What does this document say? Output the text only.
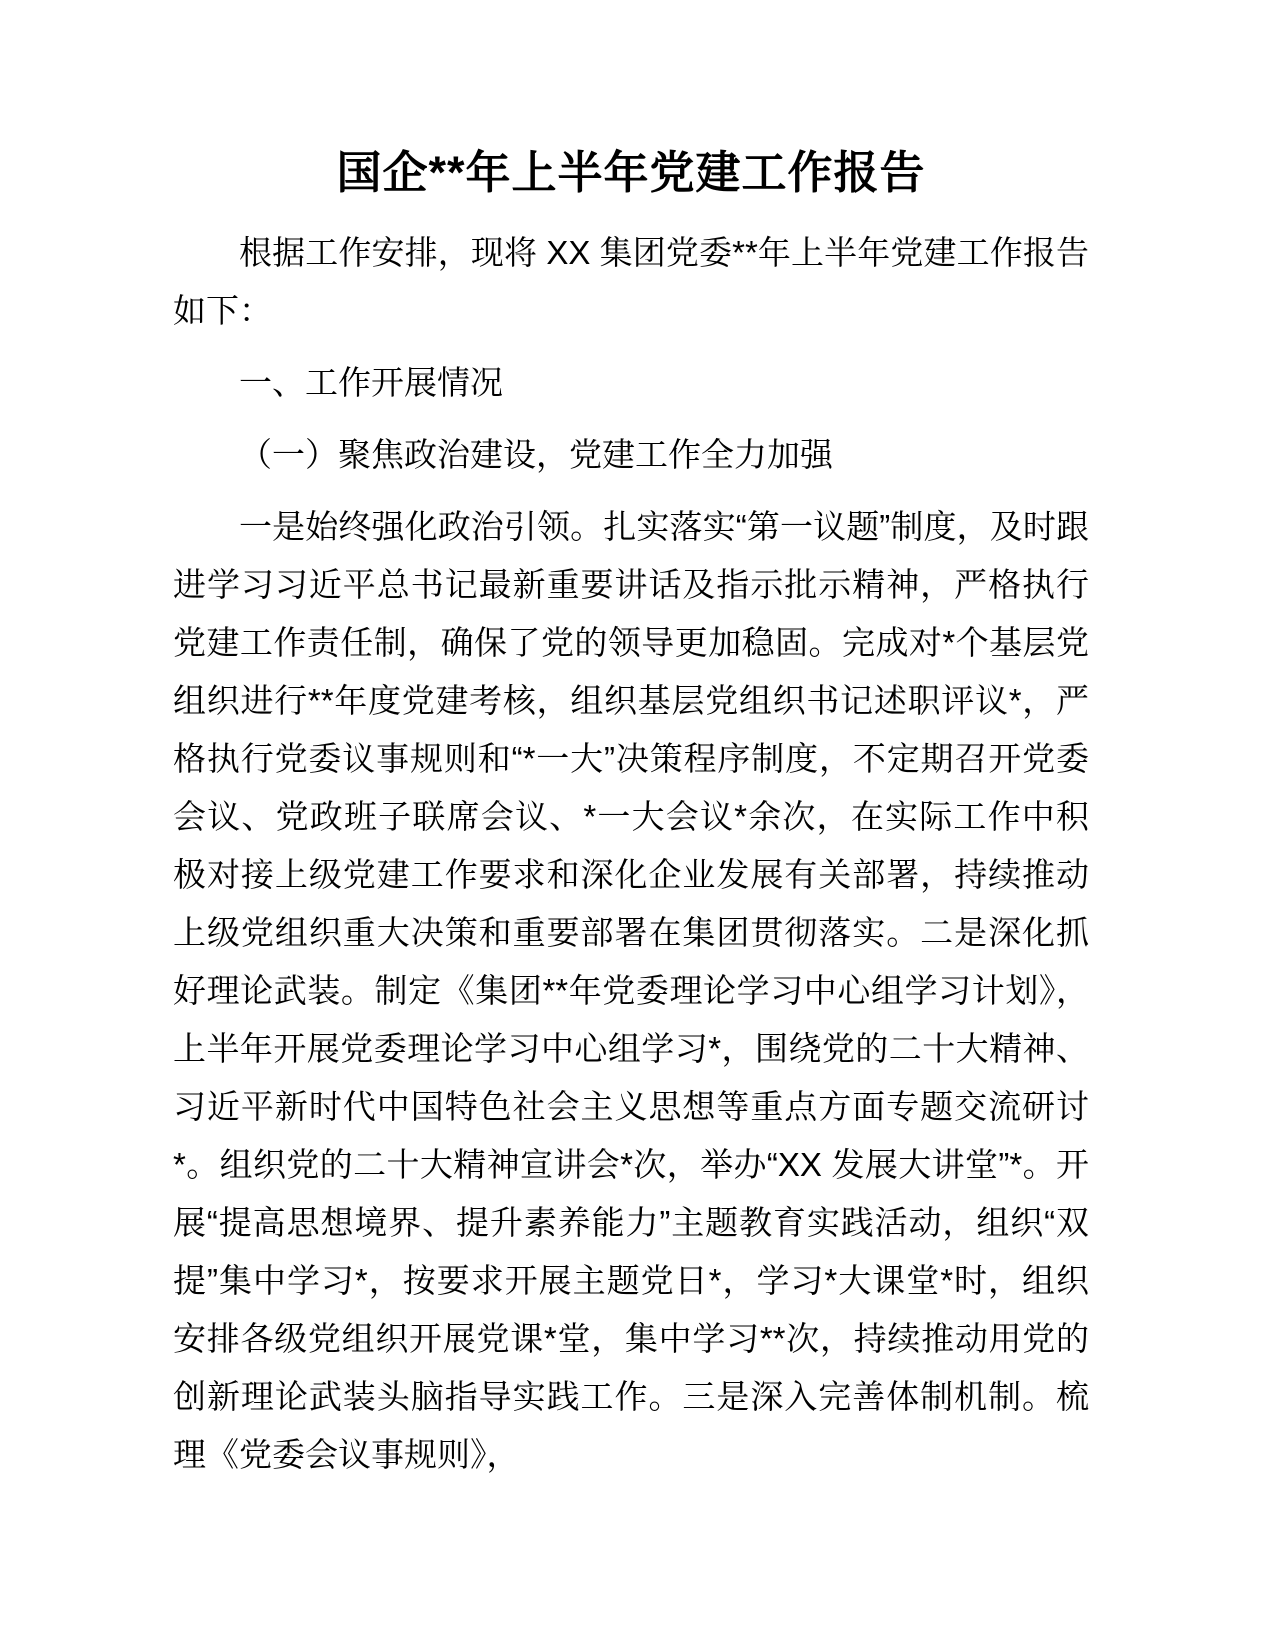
国企**年上半年党建工作报告

根据工作安排，现将 XX 集团党委**年上半年党建工作报告如下：

一、工作开展情况

（一）聚焦政治建设，党建工作全力加强

一是始终强化政治引领。扎实落实“第一议题”制度，及时跟进学习习近平总书记最新重要讲话及指示批示精神，严格执行党建工作责任制，确保了党的领导更加稳固。完成对*个基层党组织进行**年度党建考核，组织基层党组织书记述职评议*，严格执行党委议事规则和“*一大”决策程序制度，不定期召开党委会议、党政班子联席会议、*一大会议*余次，在实际工作中积极对接上级党建工作要求和深化企业发展有关部署，持续推动上级党组织重大决策和重要部署在集团贯彻落实。二是深化抓好理论武装。制定《集团**年党委理论学习中心组学习计划》，上半年开展党委理论学习中心组学习*，围绕党的二十大精神、习近平新时代中国特色社会主义思想等重点方面专题交流研讨*。组织党的二十大精神宣讲会*次，举办“XX 发展大讲堂”*。开展“提高思想境界、提升素养能力”主题教育实践活动，组织“双提”集中学习*，按要求开展主题党日*，学习*大课堂*时，组织安排各级党组织开展党课*堂，集中学习**次，持续推动用党的创新理论武装头脑指导实践工作。三是深入完善体制机制。梳理《党委会议事规则》，
